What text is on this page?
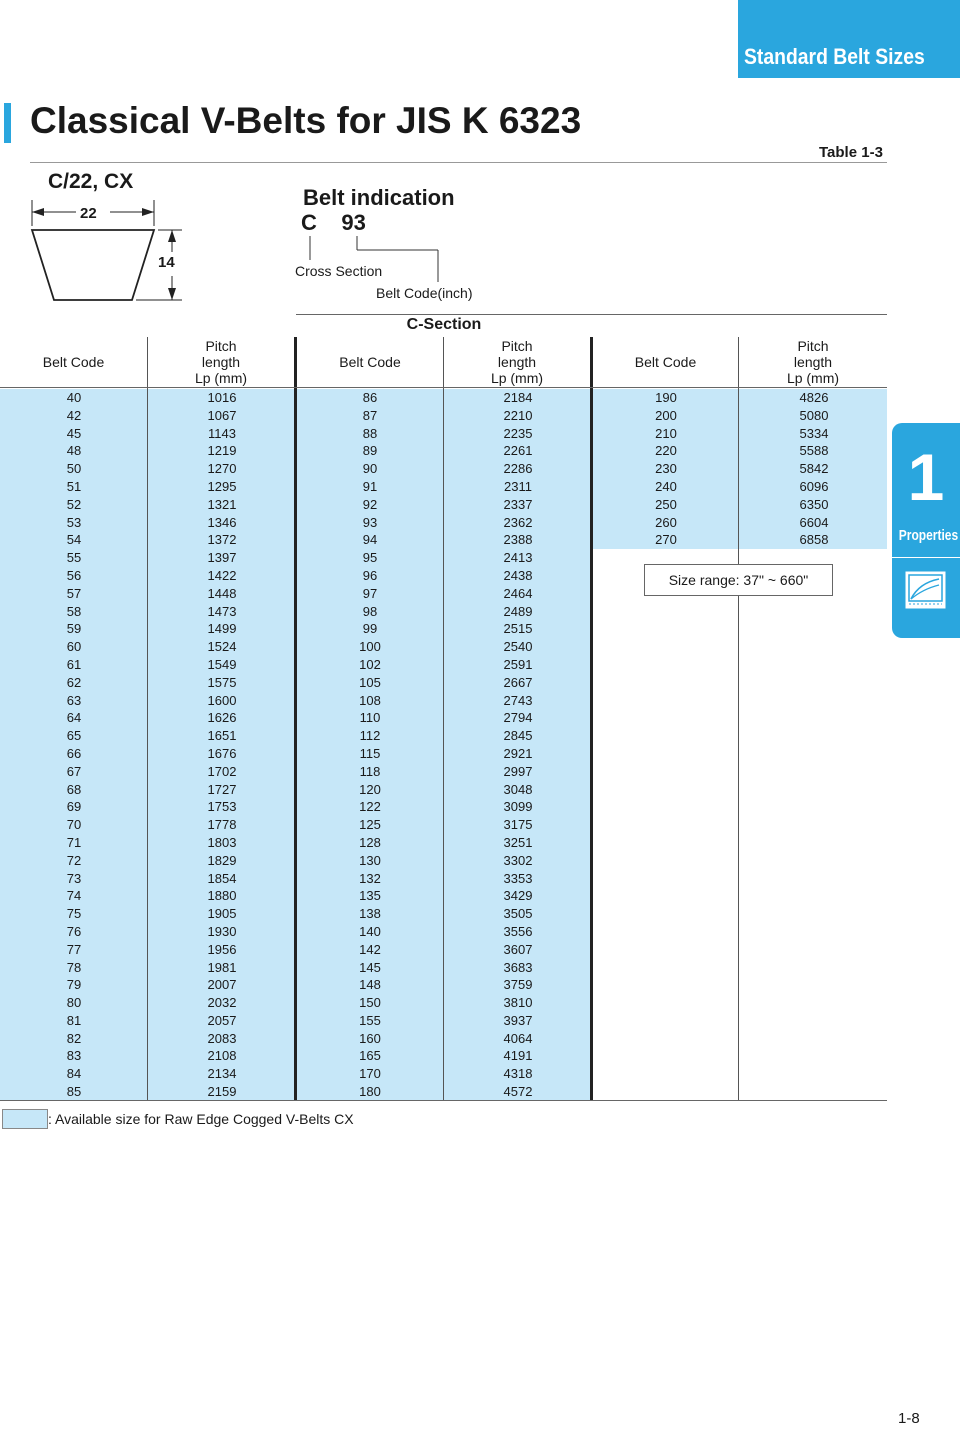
Standard Belt Sizes
Classical V-Belts for JIS K 6323
Table 1-3
C/22, CX
22
14
Belt indication
C 93
Cross Section
Belt Code(inch)
C-Section
Belt Code
Pitch
length
Lp (mm)
Belt Code
Pitch
length
Lp (mm)
Belt Code
Pitch
length
Lp (mm)
40	1016
42	1067
45	1143
48	1219
50	1270
51	1295
52	1321
53	1346
54	1372
55	1397
56	1422
57	1448
58	1473
59	1499
60	1524
61	1549
62	1575
63	1600
64	1626
65	1651
66	1676
67	1702
68	1727
69	1753
70	1778
71	1803
72	1829
73	1854
74	1880
75	1905
76	1930
77	1956
78	1981
79	2007
80	2032
81	2057
82	2083
83	2108
84	2134
85	2159
86	2184
87	2210
88	2235
89	2261
90	2286
91	2311
92	2337
93	2362
94	2388
95	2413
96	2438
97	2464
98	2489
99	2515
100	2540
102	2591
105	2667
108	2743
110	2794
112	2845
115	2921
118	2997
120	3048
122	3099
125	3175
128	3251
130	3302
132	3353
135	3429
138	3505
140	3556
142	3607
145	3683
148	3759
150	3810
155	3937
160	4064
165	4191
170	4318
180	4572
190	4826
200	5080
210	5334
220	5588
230	5842
240	6096
250	6350
260	6604
270	6858
Size range: 37" ~ 660"
: Available size for Raw Edge Cogged V-Belts CX
1
Properties
1-8
